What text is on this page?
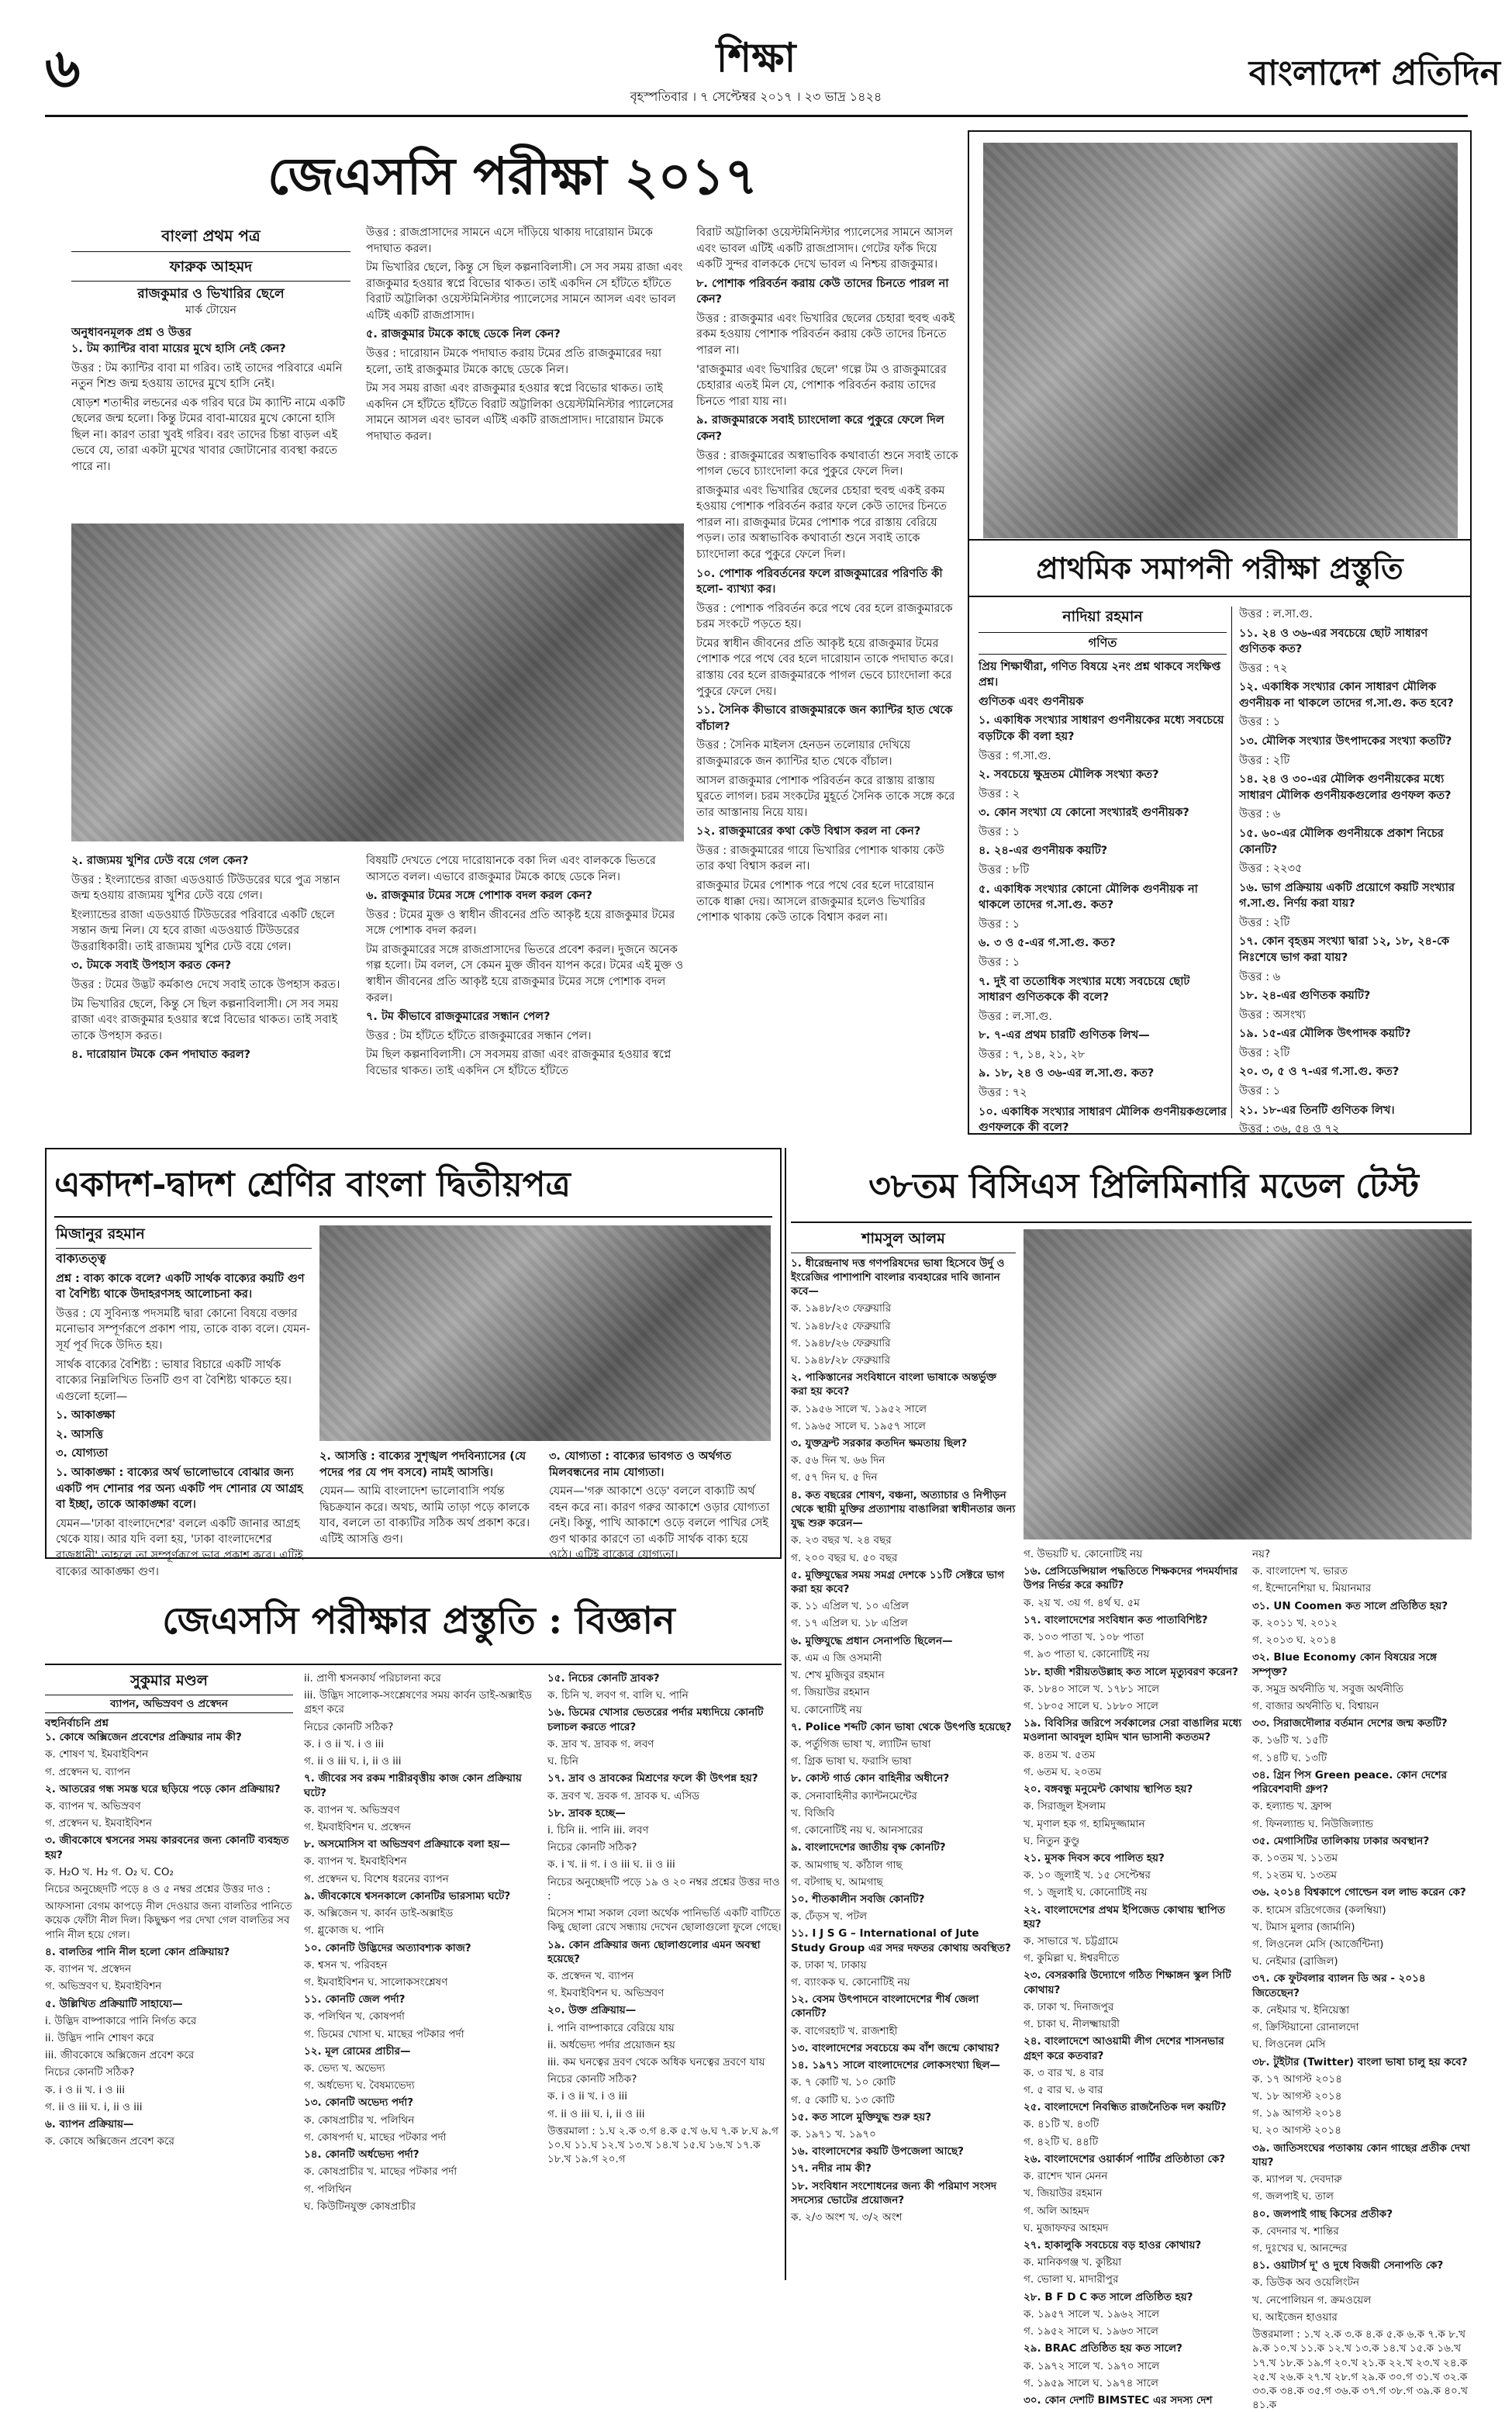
৬	শিক্ষা
বৃহস্পতিবার । ৭ সেপ্টেম্বর ২০১৭ । ২৩ ভাদ্র ১৪২৪
বাংলাদেশ প্রতিদিন
জেএসসি পরীক্ষা ২০১৭
বাংলা প্রথম পত্র
ফারুক আহমদ
রাজকুমার ও ভিখারির ছেলে
মার্ক টোয়েন
অনুধাবনমূলক প্রশ্ন ও উত্তর

১. টম ক্যান্টির বাবা মায়ের মুখে হাসি নেই কেন?

উত্তর : টম ক্যান্টির বাবা মা গরিব। তাই তাদের পরিবারে এমনি নতুন শিশু জন্ম হওয়ায় তাদের মুখে হাসি নেই।

ষোড়শ শতাব্দীর লন্ডনের এক গরিব ঘরে টম ক্যান্টি নামে একটি ছেলের জন্ম হলো। কিন্তু টমের বাবা-মায়ের মুখে কোনো হাসি ছিল না। কারণ তারা খুবই গরিব। বরং তাদের চিন্তা বাড়ল এই ভেবে যে, তারা একটা মুখের খাবার জোটানোর ব্যবস্থা করতে পারে না।

উত্তর : রাজপ্রাসাদের সামনে এসে দাঁড়িয়ে থাকায় দারোয়ান টমকে পদাঘাত করল।

টম ভিখারির ছেলে, কিন্তু সে ছিল কল্পনাবিলাসী। সে সব সময় রাজা এবং রাজকুমার হওয়ার স্বপ্নে বিভোর থাকত। তাই একদিন সে হাঁটতে হাঁটতে বিরাট অট্টালিকা ওয়েস্টমিনিস্টার প্যালেসের সামনে আসল এবং ভাবল এটিই একটি রাজপ্রাসাদ।

৫. রাজকুমার টমকে কাছে ডেকে নিল কেন?

উত্তর : দারোয়ান টমকে পদাঘাত করায় টমের প্রতি রাজকুমারের দয়া হলো, তাই রাজকুমার টমকে কাছে ডেকে নিল।

টম সব সময় রাজা এবং রাজকুমার হওয়ার স্বপ্নে বিভোর থাকত। তাই একদিন সে হাঁটতে হাঁটতে বিরাট অট্টালিকা ওয়েস্টমিনিস্টার প্যালেসের সামনে আসল এবং ভাবল এটিই একটি রাজপ্রাসাদ। দারোয়ান টমকে পদাঘাত করল।

২. রাজ্যময় খুশির ঢেউ বয়ে গেল কেন?

উত্তর : ইংল্যান্ডের রাজা এডওয়ার্ড টিউডরের ঘরে পুত্র সন্তান জন্ম হওয়ায় রাজ্যময় খুশির ঢেউ বয়ে গেল।

ইংল্যান্ডের রাজা এডওয়ার্ড টিউডরের পরিবারে একটি ছেলে সন্তান জন্ম নিল। যে হবে রাজা এডওয়ার্ড টিউডরের উত্তরাধিকারী। তাই রাজ্যময় খুশির ঢেউ বয়ে গেল।

৩. টমকে সবাই উপহাস করত কেন?

উত্তর : টমের উদ্ভট কর্মকাণ্ড দেখে সবাই তাকে উপহাস করত।

টম ভিখারির ছেলে, কিন্তু সে ছিল কল্পনাবিলাসী। সে সব সময় রাজা এবং রাজকুমার হওয়ার স্বপ্নে বিভোর থাকত। তাই সবাই তাকে উপহাস করত।

৪. দারোয়ান টমকে কেন পদাঘাত করল?

বিষয়টি দেখতে পেয়ে দারোয়ানকে বকা দিল এবং বালককে ভিতরে আসতে বলল। এভাবে রাজকুমার টমকে কাছে ডেকে নিল।

৬. রাজকুমার টমের সঙ্গে পোশাক বদল করল কেন?

উত্তর : টমের মুক্ত ও স্বাধীন জীবনের প্রতি আকৃষ্ট হয়ে রাজকুমার টমের সঙ্গে পোশাক বদল করল।

টম রাজকুমারের সঙ্গে রাজপ্রাসাদের ভিতরে প্রবেশ করল। দুজনে অনেক গল্প হলো। টম বলল, সে কেমন মুক্ত জীবন যাপন করে। টমের এই মুক্ত ও স্বাধীন জীবনের প্রতি আকৃষ্ট হয়ে রাজকুমার টমের সঙ্গে পোশাক বদল করল।

৭. টম কীভাবে রাজকুমারের সন্ধান পেল?

উত্তর : টম হাঁটতে হাঁটতে রাজকুমারের সন্ধান পেল।

টম ছিল কল্পনাবিলাসী। সে সবসময় রাজা এবং রাজকুমার হওয়ার স্বপ্নে বিভোর থাকত। তাই একদিন সে হাঁটতে হাঁটতে

বিরাট অট্টালিকা ওয়েস্টমিনিস্টার প্যালেসের সামনে আসল এবং ভাবল এটিই একটি রাজপ্রাসাদ। গেটের ফাঁক দিয়ে একটি সুন্দর বালককে দেখে ভাবল এ নিশ্চয় রাজকুমার।

৮. পোশাক পরিবর্তন করায় কেউ তাদের চিনতে পারল না কেন?

উত্তর : রাজকুমার এবং ভিখারির ছেলের চেহারা হুবহু একই রকম হওয়ায় পোশাক পরিবর্তন করায় কেউ তাদের চিনতে পারল না।

'রাজকুমার এবং ভিখারির ছেলে' গল্পে টম ও রাজকুমারের চেহারার এতই মিল যে, পোশাক পরিবর্তন করায় তাদের চিনতে পারা যায় না।

৯. রাজকুমারকে সবাই চ্যাংদোলা করে পুকুরে ফেলে দিল কেন?

উত্তর : রাজকুমারের অস্বাভাবিক কথাবার্তা শুনে সবাই তাকে পাগল ভেবে চ্যাংদোলা করে পুকুরে ফেলে দিল।

রাজকুমার এবং ভিখারির ছেলের চেহারা হুবহু একই রকম হওয়ায় পোশাক পরিবর্তন করার ফলে কেউ তাদের চিনতে পারল না। রাজকুমার টমের পোশাক পরে রাস্তায় বেরিয়ে পড়ল। তার অস্বাভাবিক কথাবার্তা শুনে সবাই তাকে চ্যাংদোলা করে পুকুরে ফেলে দিল।

১০. পোশাক পরিবর্তনের ফলে রাজকুমারের পরিণতি কী হলো- ব্যাখ্যা কর।

উত্তর : পোশাক পরিবর্তন করে পথে বের হলে রাজকুমারকে চরম সংকটে পড়তে হয়।

টমের স্বাধীন জীবনের প্রতি আকৃষ্ট হয়ে রাজকুমার টমের পোশাক পরে পথে বের হলে দারোয়ান তাকে পদাঘাত করে। রাস্তায় বের হলে রাজকুমারকে পাগল ভেবে চ্যাংদোলা করে পুকুরে ফেলে দেয়।

১১. সৈনিক কীভাবে রাজকুমারকে জন ক্যান্টির হাত থেকে বাঁচাল?

উত্তর : সৈনিক মাইলস হেনডন তলোয়ার দেখিয়ে রাজকুমারকে জন ক্যান্টির হাত থেকে বাঁচাল।

আসল রাজকুমার পোশাক পরিবর্তন করে রাস্তায় রাস্তায় ঘুরতে লাগল। চরম সংকটের মুহূর্তে সৈনিক তাকে সঙ্গে করে তার আস্তানায় নিয়ে যায়।

১২. রাজকুমারের কথা কেউ বিশ্বাস করল না কেন?

উত্তর : রাজকুমারের গায়ে ভিখারির পোশাক থাকায় কেউ তার কথা বিশ্বাস করল না।

রাজকুমার টমের পোশাক পরে পথে বের হলে দারোয়ান তাকে ধাক্কা দেয়। আসলে রাজকুমার হলেও ভিখারির পোশাক থাকায় কেউ তাকে বিশ্বাস করল না।

প্রাথমিক সমাপনী পরীক্ষা প্রস্তুতি
নাদিয়া রহমান
গণিত

প্রিয় শিক্ষার্থীরা, গণিত বিষয়ে ২নং প্রশ্ন থাকবে সংক্ষিপ্ত প্রশ্ন।

গুণিতক এবং গুণনীয়ক

১. একাধিক সংখ্যার সাধারণ গুণনীয়কের মধ্যে সবচেয়ে বড়টিকে কী বলা হয়?

উত্তর : গ.সা.গু.

২. সবচেয়ে ক্ষুদ্রতম মৌলিক সংখ্যা কত?

উত্তর : ২

৩. কোন সংখ্যা যে কোনো সংখ্যারই গুণনীয়ক?

উত্তর : ১

৪. ২৪-এর গুণনীয়ক কয়টি?

উত্তর : ৮টি

৫. একাধিক সংখ্যার কোনো মৌলিক গুণনীয়ক না থাকলে তাদের গ.সা.গু. কত?

উত্তর : ১

৬. ৩ ও ৫-এর গ.সা.গু. কত?

উত্তর : ১

৭. দুই বা ততোধিক সংখ্যার মধ্যে সবচেয়ে ছোট সাধারণ গুণিতককে কী বলে?

উত্তর : ল.সা.গু.

৮. ৭-এর প্রথম চারটি গুণিতক লিখ—

উত্তর : ৭, ১৪, ২১, ২৮

৯. ১৮, ২৪ ও ৩৬-এর ল.সা.গু. কত?

উত্তর : ৭২

১০. একাধিক সংখ্যার সাধারণ মৌলিক গুণনীয়কগুলোর গুণফলকে কী বলে?

উত্তর : ল.সা.গু.

১১. ২৪ ও ৩৬-এর সবচেয়ে ছোট সাধারণ গুণিতক কত?

উত্তর : ৭২

১২. একাধিক সংখ্যার কোন সাধারণ মৌলিক গুণনীয়ক না থাকলে তাদের গ.সা.গু. কত হবে?

উত্তর : ১

১৩. মৌলিক সংখ্যার উৎপাদকের সংখ্যা কতটি?

উত্তর : ২টি

১৪. ২৪ ও ৩০-এর মৌলিক গুণনীয়কের মধ্যে সাধারণ মৌলিক গুণনীয়কগুলোর গুণফল কত?

উত্তর : ৬

১৫. ৬০-এর মৌলিক গুণনীয়কে প্রকাশ নিচের কোনটি?

উত্তর : ২২৩৫

১৬. ভাগ প্রক্রিয়ায় একটি প্রয়োগে কয়টি সংখ্যার গ.সা.গু. নির্ণয় করা যায়?

উত্তর : ২টি

১৭. কোন বৃহত্তম সংখ্যা দ্বারা ১২, ১৮, ২৪-কে নিঃশেষে ভাগ করা যায়?

উত্তর : ৬

১৮. ২৪-এর গুণিতক কয়টি?

উত্তর : অসংখ্য

১৯. ১৫-এর মৌলিক উৎপাদক কয়টি?

উত্তর : ২টি

২০. ৩, ৫ ও ৭-এর গ.সা.গু. কত?

উত্তর : ১

২১. ১৮-এর তিনটি গুণিতক লিখ।

উত্তর : ৩৬, ৫৪ ও ৭২

একাদশ-দ্বাদশ শ্রেণির বাংলা দ্বিতীয়পত্র
মিজানুর রহমান
বাক্যতত্ত্ব

প্রশ্ন : বাক্য কাকে বলে? একটি সার্থক বাক্যের কয়টি গুণ বা বৈশিষ্ট্য থাকে উদাহরণসহ আলোচনা কর।

উত্তর : যে সুবিন্যস্ত পদসমষ্টি দ্বারা কোনো বিষয়ে বক্তার মনোভাব সম্পূর্ণরূপে প্রকাশ পায়, তাকে বাক্য বলে। যেমন- সূর্য পূর্ব দিকে উদিত হয়।

সার্থক বাক্যের বৈশিষ্ট্য : ভাষার বিচারে একটি সার্থক বাক্যের নিম্নলিখিত তিনটি গুণ বা বৈশিষ্ট্য থাকতে হয়। এগুলো হলো—

১. আকাঙ্ক্ষা

২. আসত্তি

৩. যোগ্যতা

১. আকাঙ্ক্ষা : বাক্যের অর্থ ভালোভাবে বোঝার জন্য একটি পদ শোনার পর অন্য একটি পদ শোনার যে আগ্রহ বা ইচ্ছা, তাকে আকাঙ্ক্ষা বলে।

যেমন—'ঢাকা বাংলাদেশের' বললে একটি জানার আগ্রহ থেকে যায়। আর যদি বলা হয়, 'ঢাকা বাংলাদেশের রাজধানী' তাহলে তা সম্পূর্ণরূপে ভাব প্রকাশ করে। এটিই বাক্যের আকাঙ্ক্ষা গুণ।

২. আসত্তি : বাক্যের সুশৃঙ্খল পদবিন্যাসের (যে পদের পর যে পদ বসবে) নামই আসত্তি।

যেমন— আমি বাংলাদেশ ভালোবাসি পর্যন্ত দ্বিচক্রযান করে। অথচ, আমি তাড়া পড়ে কালকে যাব, বললে তা বাক্যটির সঠিক অর্থ প্রকাশ করে। এটিই আসত্তি গুণ।

৩. যোগ্যতা : বাক্যের ভাবগত ও অর্থগত মিলবন্ধনের নাম যোগ্যতা।

যেমন—'গরু আকাশে ওড়ে' বললে বাক্যটি অর্থ বহন করে না। কারণ গরুর আকাশে ওড়ার যোগ্যতা নেই। কিন্তু, পাখি আকাশে ওড়ে বললে পাখির সেই গুণ থাকার কারণে তা একটি সার্থক বাক্য হয়ে ওঠে। এটিই বাক্যের যোগ্যতা।

জেএসসি পরীক্ষার প্রস্তুতি : বিজ্ঞান
সুকুমার মণ্ডল
ব্যাপন, অভিস্রবণ ও প্রস্বেদন
বহুনির্বাচনি প্রশ্ন

১. কোষে অক্সিজেন প্রবেশের প্রক্রিয়ার নাম কী?

ক. শোষণ খ. ইমবাইবিশন

গ. প্রস্বেদন ঘ. ব্যাপন

২. আতরের গন্ধ সমস্ত ঘরে ছড়িয়ে পড়ে কোন প্রক্রিয়ায়?

ক. ব্যাপন খ. অভিস্রবণ

গ. প্রস্বেদন ঘ. ইমবাইবিশন

৩. জীবকোষে শ্বসনের সময় কারবনের জন্য কোনটি ব্যবহৃত হয়?

ক. H₂O খ. H₂ গ. O₂ ঘ. CO₂

নিচের অনুচ্ছেদটি পড়ে ৪ ও ৫ নম্বর প্রশ্নের উত্তর দাও :

আফসানা বেগম কাপড়ে নীল দেওয়ার জন্য বালতির পানিতে কয়েক ফোঁটা নীল দিল। কিছুক্ষণ পর দেখা গেল বালতির সব পানি নীল হয়ে গেল।

৪. বালতির পানি নীল হলো কোন প্রক্রিয়ায়?

ক. ব্যাপন খ. প্রস্বেদন

গ. অভিস্রবণ ঘ. ইমবাইবিশন

৫. উল্লিখিত প্রক্রিয়াটি সাহায্যে—

i. উদ্ভিদ বাষ্পাকারে পানি নির্গত করে

ii. উদ্ভিদ পানি শোষণ করে

iii. জীবকোষে অক্সিজেন প্রবেশ করে

নিচের কোনটি সঠিক?

ক. i ও ii খ. i ও iii

গ. ii ও iii ঘ. i, ii ও iii

৬. ব্যাপন প্রক্রিয়ায়—

ক. কোষে অক্সিজেন প্রবেশ করে

ii. প্রাণী শ্বসনকার্য পরিচালনা করে

iii. উদ্ভিদ সালোক-সংশ্লেষণের সময় কার্বন ডাই-অক্সাইড গ্রহণ করে

নিচের কোনটি সঠিক?

ক. i ও ii খ. i ও iii

গ. ii ও iii ঘ. i, ii ও iii

৭. জীবের সব রকম শারীরবৃত্তীয় কাজ কোন প্রক্রিয়ায় ঘটে?

ক. ব্যাপন খ. অভিস্রবণ

গ. ইমবাইবিশন ঘ. প্রস্বেদন

৮. অসমোসিস বা অভিস্রবণ প্রক্রিয়াকে বলা হয়—

ক. ব্যাপন খ. ইমবাইবিশন

গ. প্রস্বেদন ঘ. বিশেষ ধরনের ব্যাপন

৯. জীবকোষে শ্বসনকালে কোনটির ভারসাম্য ঘটে?

ক. অক্সিজেন খ. কার্বন ডাই-অক্সাইড

গ. গ্লুকোজ ঘ. পানি

১০. কোনটি উদ্ভিদের অত্যাবশ্যক কাজ?

ক. শ্বসন খ. পরিবহন

গ. ইমবাইবিশন ঘ. সালোকসংশ্লেষণ

১১. কোনটি জেল পর্দা?

ক. পলিথিন খ. কোষপর্দা

গ. ডিমের খোসা ঘ. মাছের পটকার পর্দা

১২. মূল রোমের প্রাচীর—

ক. ভেদ্য খ. অভেদ্য

গ. অর্ধভেদ্য ঘ. বৈষম্যভেদ্য

১৩. কোনটি অভেদ্য পর্দা?

ক. কোষপ্রাচীর খ. পলিথিন

গ. কোষপর্দা ঘ. মাছের পটকার পর্দা

১৪. কোনটি অর্ধভেদ্য পর্দা?

ক. কোষপ্রাচীর খ. মাছের পটকার পর্দা

গ. পলিথিন

ঘ. কিউটিনযুক্ত কোষপ্রাচীর

১৫. নিচের কোনটি দ্রাবক?

ক. চিনি খ. লবণ গ. বালি ঘ. পানি

১৬. ডিমের খোসার ভেতরের পর্দার মধ্যদিয়ে কোনটি চলাচল করতে পারে?

ক. দ্রাব খ. দ্রাবক গ. লবণ

ঘ. চিনি

১৭. দ্রাব ও দ্রাবকের মিশ্রণের ফলে কী উৎপন্ন হয়?

ক. দ্রবণ খ. দ্রবক গ. দ্রাবক ঘ. এসিড

১৮. দ্রাবক হচ্ছে—

i. চিনি ii. পানি iii. লবণ

নিচের কোনটি সঠিক?

ক. i খ. ii গ. i ও iii ঘ. ii ও iii

নিচের অনুচ্ছেদটি পড়ে ১৯ ও ২০ নম্বর প্রশ্নের উত্তর দাও :

মিসেস শামা সকাল বেলা অর্থেক পানিভর্তি একটি বাটিতে কিছু ছোলা রেখে সন্ধ্যায় দেখেন ছোলাগুলো ফুলে গেছে।

১৯. কোন প্রক্রিয়ার জন্য ছোলাগুলোর এমন অবস্থা হয়েছে?

ক. প্রস্বেদন খ. ব্যাপন

গ. ইমবাইবিশন ঘ. অভিস্রবণ

২০. উক্ত প্রক্রিয়ায়—

i. পানি বাষ্পাকারে বেরিয়ে যায়

ii. অর্ধভেদ্য পর্দার প্রয়োজন হয়

iii. কম ঘনত্বের দ্রবণ থেকে অধিক ঘনত্বের দ্রবণে যায়

নিচের কোনটি সঠিক?

ক. i ও ii খ. i ও iii

গ. ii ও iii ঘ. i, ii ও iii

উত্তরমালা : ১.ঘ ২.ক ৩.গ ৪.ক ৫.খ ৬.ঘ ৭.ক ৮.ঘ ৯.গ ১০.ঘ ১১.ঘ ১২.খ ১৩.খ ১৪.খ ১৫.ঘ ১৬.খ ১৭.ক ১৮.খ ১৯.গ ২০.গ

৩৮তম বিসিএস প্রিলিমিনারি মডেল টেস্ট
শামসুল আলম

১. ধীরেন্দ্রনাথ দত্ত গণপরিষদের ভাষা হিসেবে উর্দু ও ইংরেজির পাশাপাশি বাংলার ব্যবহারের দাবি জানান কবে—

ক. ১৯৪৮/২৩ ফেব্রুয়ারি

খ. ১৯৪৮/২৫ ফেব্রুয়ারি

গ. ১৯৪৮/২৬ ফেব্রুয়ারি

ঘ. ১৯৪৮/২৮ ফেব্রুয়ারি

২. পাকিস্তানের সংবিধানে বাংলা ভাষাকে অন্তর্ভুক্ত করা হয় কবে?

ক. ১৯৫৬ সালে খ. ১৯৫২ সালে

গ. ১৯৬৫ সালে ঘ. ১৯৫৭ সালে

৩. যুক্তফ্রন্ট সরকার কতদিন ক্ষমতায় ছিল?

ক. ৫৬ দিন খ. ৬৬ দিন

গ. ৫৭ দিন ঘ. ৫ দিন

৪. কত বছরের শোষণ, বঞ্চনা, অত্যাচার ও নিপীড়ন থেকে স্থায়ী মুক্তির প্রত্যাশায় বাঙালিরা স্বাধীনতার জন্য যুদ্ধ শুরু করেন—

ক. ২৩ বছর খ. ২৪ বছর

গ. ২০০ বছর ঘ. ৫০ বছর

৫. মুক্তিযুদ্ধের সময় সমগ্র দেশকে ১১টি সেক্টরে ভাগ করা হয় কবে?

ক. ১১ এপ্রিল খ. ১০ এপ্রিল

গ. ১৭ এপ্রিল ঘ. ১৮ এপ্রিল

৬. মুক্তিযুদ্ধে প্রধান সেনাপতি ছিলেন—

ক. এম এ জি ওসমানী

খ. শেখ মুজিবুর রহমান

গ. জিয়াউর রহমান

ঘ. কোনোটিই নয়

৭. Police শব্দটি কোন ভাষা থেকে উৎপত্তি হয়েছে?

ক. পর্তুগিজ ভাষা খ. ল্যাটিন ভাষা

গ. গ্রিক ভাষা ঘ. ফরাসি ভাষা

৮. কোস্ট গার্ড কোন বাহিনীর অধীনে?

ক. সেনাবাহিনীর ক্যান্টনমেন্টের

খ. বিজিবি

গ. কোনোটিই নয় ঘ. আনসারের

৯. বাংলাদেশের জাতীয় বৃক্ষ কোনটি?

ক. আমগাছ খ. কাঁঠাল গাছ

গ. বটগাছ ঘ. আমগাছ

১০. শীতকালীন সবজি কোনটি?

ক. ঢেঁড়স খ. পটল

১১. I J S G – International of Jute Study Group এর সদর দফতর কোথায় অবস্থিত?

ক. ঢাকা খ. ঢাকায়

গ. ব্যাংকক ঘ. কোনোটিই নয়

১২. বেসম উৎপাদনে বাংলাদেশের শীর্ষ জেলা কোনটি?

ক. বাগেরহাট খ. রাজশাহী

১৩. বাংলাদেশের সবচেয়ে কম বাঁশ জন্মে কোথায়?

১৪. ১৯৭১ সালে বাংলাদেশের লোকসংখ্যা ছিল—

ক. ৭ কোটি খ. ১০ কোটি

গ. ৫ কোটি ঘ. ১৩ কোটি

১৫. কত সালে মুক্তিযুদ্ধ শুরু হয়?

ক. ১৯৭১ খ. ১৯৭০

১৬. বাংলাদেশের কয়টি উপজেলা আছে?

১৭. নদীর নাম কী?

১৮. সংবিধান সংশোধনের জন্য কী পরিমাণ সংসদ সদস্যের ভোটের প্রয়োজন?

ক. ২/৩ অংশ খ. ৩/২ অংশ

গ. উভয়টি ঘ. কোনোটিই নয়

১৬. প্রেসিডেন্সিয়াল পদ্ধতিতে শিক্ষকদের পদমর্যাদার উপর নির্ভর করে কয়টি?

ক. ২য় খ. ৩য় গ. ৪র্থ ঘ. ৫ম

১৭. বাংলাদেশের সংবিধান কত পাতাবিশিষ্ট?

ক. ১০৩ পাতা খ. ১০৮ পাতা

গ. ৯৩ পাতা ঘ. কোনোটিই নয়

১৮. হাজী শরীয়তউল্লাহ কত সালে মৃত্যুবরণ করেন?

ক. ১৮৪০ সালে খ. ১৭৮১ সালে

গ. ১৮০৫ সালে ঘ. ১৮৮০ সালে

১৯. বিবিসির জরিপে সর্বকালের সেরা বাঙালির মধ্যে মওলানা আবদুল হামিদ খান ভাসানী কততম?

ক. ৪তম খ. ৫তম

গ. ৬তম ঘ. ২০তম

২০. বঙ্গবন্ধু মনুমেন্ট কোথায় স্থাপিত হয়?

ক. সিরাজুল ইসলাম

খ. মৃণাল হক গ. হামিদুজ্জামান

ঘ. নিতুন কুণ্ডু

২১. মুসক দিবস কবে পালিত হয়?

ক. ১০ জুলাই খ. ১৫ সেপ্টেম্বর

গ. ১ জুলাই ঘ. কোনোটিই নয়

২২. বাংলাদেশের প্রথম ইপিজেড কোথায় স্থাপিত হয়?

ক. সাভারে খ. চট্টগ্রামে

গ. কুমিল্লা ঘ. ঈশ্বরদীতে

২৩. বেসরকারি উদ্যোগে গঠিত শিক্ষাঙ্গন স্কুল সিটি কোথায়?

ক. ঢাকা খ. দিনাজপুর

গ. চাকা ঘ. নীলক্ষ্মায়ারী

২৪. বাংলাদেশে আওয়ামী লীগ দেশের শাসনভার গ্রহণ করে কতবার?

ক. ৩ বার খ. ৪ বার

গ. ৫ বার ঘ. ৬ বার

২৫. বাংলাদেশে নিবন্ধিত রাজনৈতিক দল কয়টি?

ক. ৪১টি খ. ৪৩টি

গ. ৪২টি ঘ. ৪৪টি

২৬. বাংলাদেশের ওয়ার্কার্স পার্টির প্রতিষ্ঠাতা কে?

ক. রাশেদ খান মেনন

খ. জিয়াউর রহমান

গ. অলি আহমদ

ঘ. মুজাফফর আহমদ

২৭. হাকালুকি সবচেয়ে বড় হাওর কোথায়?

ক. মানিকগঞ্জ খ. কুষ্টিয়া

গ. ভোলা ঘ. মাদারীপুর

২৮. B F D C কত সালে প্রতিষ্ঠিত হয়?

ক. ১৯৫৭ সালে খ. ১৯৬২ সালে

গ. ১৯৫২ সালে ঘ. ১৯৬৩ সালে

২৯. BRAC প্রতিষ্ঠিত হয় কত সালে?

ক. ১৯৭২ সালে খ. ১৯৭০ সালে

গ. ১৯৫৯ সালে ঘ. ১৯৭৪ সালে

৩০. কোন দেশটি BIMSTEC এর সদস্য দেশ

নয়?

ক. বাংলাদেশ খ. ভারত

গ. ইন্দোনেশিয়া ঘ. মিয়ানমার

৩১. UN Coomen কত সালে প্রতিষ্ঠিত হয়?

ক. ২০১১ খ. ২০১২

গ. ২০১৩ ঘ. ২০১৪

৩২. Blue Economy কোন বিষয়ের সঙ্গে সম্পৃক্ত?

ক. সমুদ্র অর্থনীতি খ. সবুজ অর্থনীতি

গ. বাজার অর্থনীতি ঘ. বিশ্বায়ন

৩৩. সিরাজদৌলার বর্তমান দেশের জন্ম কতটি?

ক. ১৬টি খ. ১৫টি

গ. ১৪টি ঘ. ১৩টি

৩৪. গ্রিন পিস Green peace. কোন দেশের পরিবেশবাদী গ্রুপ?

ক. হল্যান্ড খ. ফ্রান্স

গ. ফিনল্যান্ড ঘ. নিউজিল্যান্ড

৩৫. মেগাসিটির তালিকায় ঢাকার অবস্থান?

ক. ১০তম খ. ১১তম

গ. ১২তম ঘ. ১৩তম

৩৬. ২০১৪ বিশ্বকাপে গোল্ডেন বল লাভ করেন কে?

ক. হামেস রদ্রিগেজের (কলম্বিয়া)

খ. টমাস মুলার (জার্মানি)

গ. লিওনেল মেসি (আর্জেন্টিনা)

ঘ. নেইমার (ব্রাজিল)

৩৭. কে ফুটবলার ব্যালন ডি অর - ২০১৪ জিতেছেন?

ক. নেইমার খ. ইনিয়েস্তা

গ. ক্রিস্টিয়ানো রোনালদো

ঘ. লিওনেল মেসি

৩৮. টুইটার (Twitter) বাংলা ভাষা চালু হয় কবে?

ক. ১৭ আগস্ট ২০১৪

খ. ১৮ আগস্ট ২০১৪

গ. ১৯ আগস্ট ২০১৪

ঘ. ২০ আগস্ট ২০১৪

৩৯. জাতিসংঘের পতাকায় কোন গাছের প্রতীক দেখা যায়?

ক. ম্যাপল খ. দেবদারু

গ. জলপাই ঘ. তাল

৪০. জলপাই গাছ কিসের প্রতীক?

ক. বেদনার খ. শান্তির

গ. দুঃখের ঘ. আনন্দের

৪১. ওয়াটার্স দূ' ও দুধে বিজয়ী সেনাপতি কে?

ক. ডিউক অব ওয়েলিংটন

খ. নেপোলিয়ন গ. ক্রমওয়েল

ঘ. আইজেন হাওয়ার

উত্তরমালা : ১.খ ২.ক ৩.ক ৪.ক ৫.ক ৬.ক ৭.ক ৮.খ ৯.ক ১০.খ ১১.ক ১২.খ ১৩.ক ১৪.খ ১৫.ক ১৬.খ ১৭.খ ১৮.ক ১৯.গ ২০.খ ২১.ক ২২.খ ২৩.খ ২৪.ক ২৫.খ ২৬.ক ২৭.খ ২৮.গ ২৯.ক ৩০.গ ৩১.খ ৩২.ক ৩৩.ক ৩৪.ক ৩৫.গ ৩৬.ক ৩৭.গ ৩৮.গ ৩৯.ক ৪০.খ ৪১.ক
